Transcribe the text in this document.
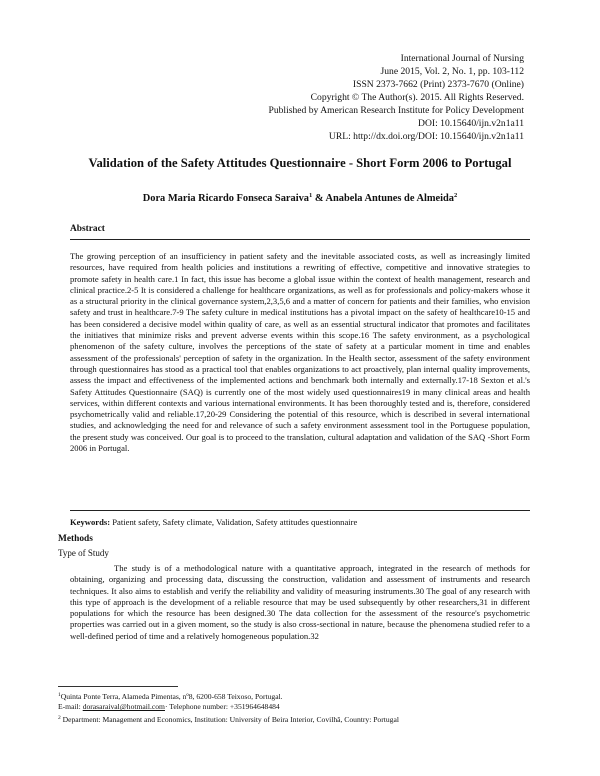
International Journal of Nursing
June 2015, Vol. 2, No. 1, pp. 103-112
ISSN 2373-7662 (Print) 2373-7670 (Online)
Copyright © The Author(s). 2015. All Rights Reserved.
Published by American Research Institute for Policy Development
DOI: 10.15640/ijn.v2n1a11
URL: http://dx.doi.org/DOI: 10.15640/ijn.v2n1a11
Validation of the Safety Attitudes Questionnaire - Short Form 2006 to Portugal
Dora Maria Ricardo Fonseca Saraiva$^1$ & Anabela Antunes de Almeida$^2$
Abstract
The growing perception of an insufficiency in patient safety and the inevitable associated costs, as well as increasingly limited resources, have required from health policies and institutions a rewriting of effective, competitive and innovative strategies to promote safety in health care.1 In fact, this issue has become a global issue within the context of health management, research and clinical practice.2-5 It is considered a challenge for healthcare organizations, as well as for professionals and policy-makers whose it as a structural priority in the clinical governance system,2,3,5,6 and a matter of concern for patients and their families, who envision safety and trust in healthcare.7-9 The safety culture in medical institutions has a pivotal impact on the safety of healthcare10-15 and has been considered a decisive model within quality of care, as well as an essential structural indicator that promotes and facilitates the initiatives that minimize risks and prevent adverse events within this scope.16 The safety environment, as a psychological phenomenon of the safety culture, involves the perceptions of the state of safety at a particular moment in time and enables assessment of the professionals' perception of safety in the organization. In the Health sector, assessment of the safety environment through questionnaires has stood as a practical tool that enables organizations to act proactively, plan internal quality improvements, assess the impact and effectiveness of the implemented actions and benchmark both internally and externally.17-18 Sexton et al.'s Safety Attitudes Questionnaire (SAQ) is currently one of the most widely used questionnaires19 in many clinical areas and health services, within different contexts and various international environments. It has been thoroughly tested and is, therefore, considered psychometrically valid and reliable.17,20-29 Considering the potential of this resource, which is described in several international studies, and acknowledging the need for and relevance of such a safety environment assessment tool in the Portuguese population, the present study was conceived. Our goal is to proceed to the translation, cultural adaptation and validation of the SAQ -Short Form 2006 in Portugal.
Keywords: Patient safety, Safety climate, Validation, Safety attitudes questionnaire
Methods
Type of Study
The study is of a methodological nature with a quantitative approach, integrated in the research of methods for obtaining, organizing and processing data, discussing the construction, validation and assessment of instruments and research techniques. It also aims to establish and verify the reliability and validity of measuring instruments.30 The goal of any research with this type of approach is the development of a reliable resource that may be used subsequently by other researchers,31 in different populations for which the resource has been designed.30 The data collection for the assessment of the resource's psychometric properties was carried out in a given moment, so the study is also cross-sectional in nature, because the phenomena studied refer to a well-defined period of time and a relatively homogeneous population.32
$^1$Quinta Ponte Terra, Alameda Pimentas, nº8, 6200-658 Teixoso, Portugal.
E-mail: dorasaraival@hotmail.com· Telephone number: +351964648484
$^2$ Department: Management and Economics, Institution: University of Beira Interior, Covilhã, Country: Portugal
